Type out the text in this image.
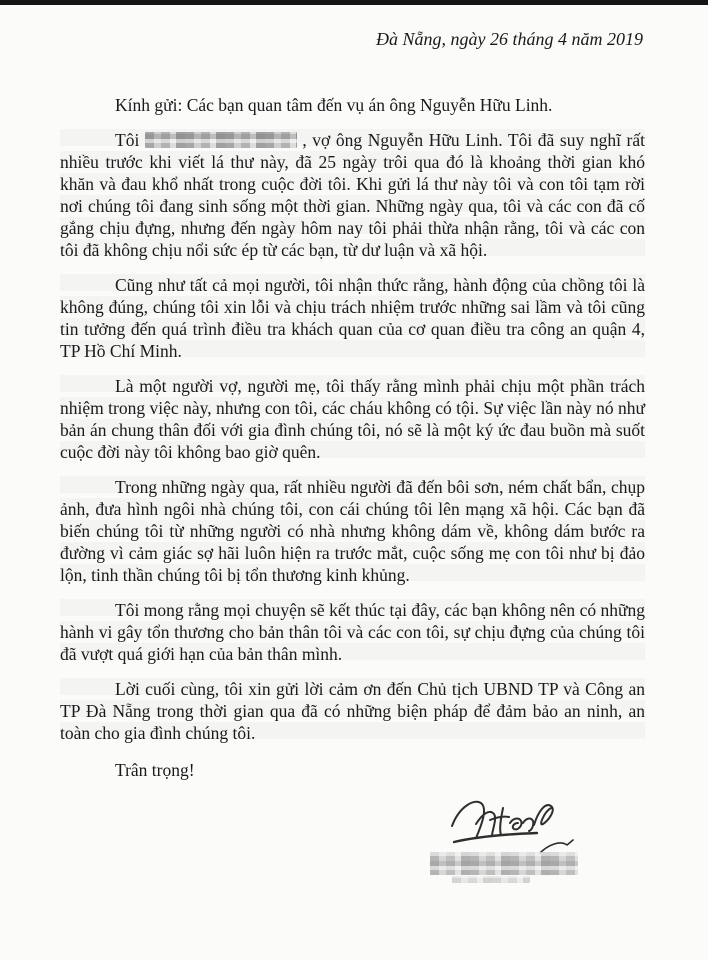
Đà Nẵng, ngày 26 tháng 4 năm 2019
Kính gửi: Các bạn quan tâm đến vụ án ông Nguyễn Hữu Linh.

Tôi	, vợ ông Nguyễn Hữu Linh. Tôi đã suy nghĩ rất nhiều trước khi viết lá thư này, đã 25 ngày trôi qua đó là khoảng thời gian khó khăn và đau khổ nhất trong cuộc đời tôi. Khi gửi lá thư này tôi và con tôi tạm rời nơi chúng tôi đang sinh sống một thời gian. Những ngày qua, tôi và các con đã cố gắng chịu đựng, nhưng đến ngày hôm nay tôi phải thừa nhận rằng, tôi và các con tôi đã không chịu nổi sức ép từ các bạn, từ dư luận và xã hội.

Cũng như tất cả mọi người, tôi nhận thức rằng, hành động của chồng tôi là không đúng, chúng tôi xin lỗi và chịu trách nhiệm trước những sai lầm và tôi cũng tin tưởng đến quá trình điều tra khách quan của cơ quan điều tra công an quận 4, TP Hồ Chí Minh.

Là một người vợ, người mẹ, tôi thấy rằng mình phải chịu một phần trách nhiệm trong việc này, nhưng con tôi, các cháu không có tội. Sự việc lần này nó như bản án chung thân đối với gia đình chúng tôi, nó sẽ là một ký ức đau buồn mà suốt cuộc đời này tôi không bao giờ quên.

Trong những ngày qua, rất nhiều người đã đến bôi sơn, ném chất bẩn, chụp ảnh, đưa hình ngôi nhà chúng tôi, con cái chúng tôi lên mạng xã hội. Các bạn đã biến chúng tôi từ những người có nhà nhưng không dám về, không dám bước ra đường vì cảm giác sợ hãi luôn hiện ra trước mắt, cuộc sống mẹ con tôi như bị đảo lộn, tinh thần chúng tôi bị tổn thương kinh khủng.

Tôi mong rằng mọi chuyện sẽ kết thúc tại đây, các bạn không nên có những hành vi gây tổn thương cho bản thân tôi và các con tôi, sự chịu đựng của chúng tôi đã vượt quá giới hạn của bản thân mình.

Lời cuối cùng, tôi xin gửi lời cảm ơn đến Chủ tịch UBND TP và Công an TP Đà Nẵng trong thời gian qua đã có những biện pháp để đảm bảo an ninh, an toàn cho gia đình chúng tôi.

Trân trọng!
